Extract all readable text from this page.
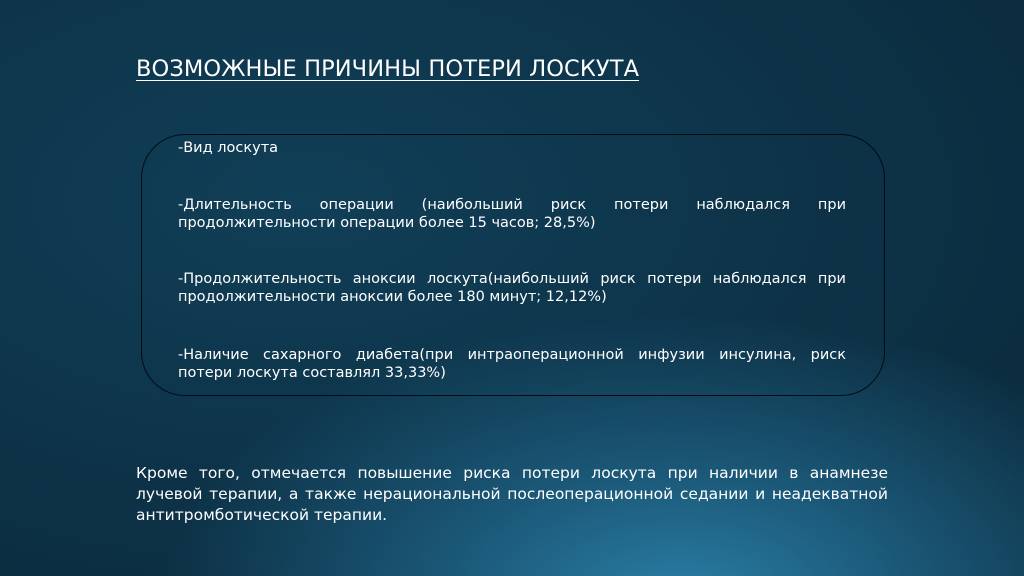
ВОЗМОЖНЫЕ ПРИЧИНЫ ПОТЕРИ ЛОСКУТА
-Вид лоскута
-Длительность операции (наибольший риск потери наблюдался при продолжительности операции более 15 часов; 28,5%)
-Продолжительность аноксии лоскута(наибольший риск потери наблюдался при продолжительности аноксии более 180 минут; 12,12%)
-Наличие сахарного диабета(при интраоперационной инфузии инсулина, риск потери лоскута составлял 33,33%)
Кроме того, отмечается повышение риска потери лоскута при наличии в анамнезе лучевой терапии, а также нерациональной послеоперационной седании и неадекватной антитромботической терапии.
